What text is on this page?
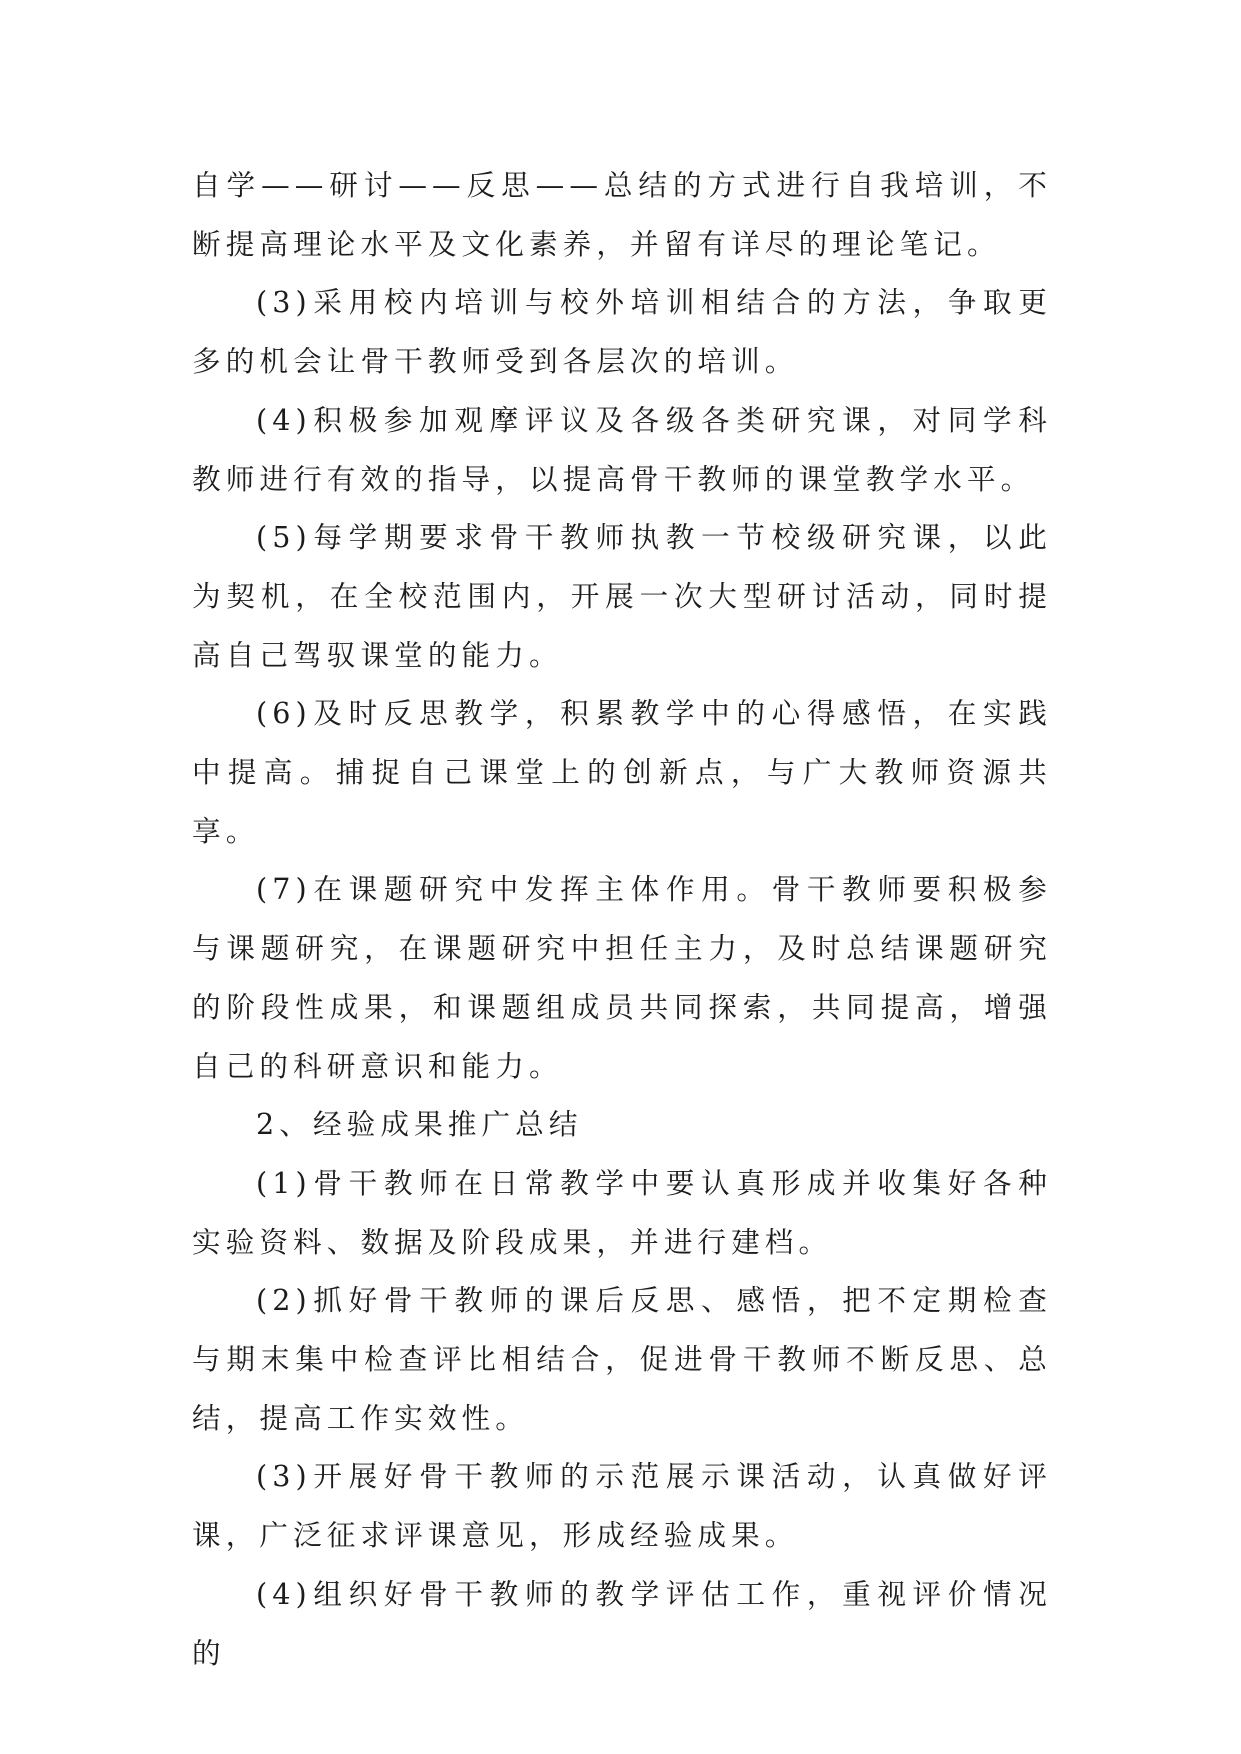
自学——研讨——反思——总结的方式进行自我培训，不断提高理论水平及文化素养，并留有详尽的理论笔记。

(3)采用校内培训与校外培训相结合的方法，争取更多的机会让骨干教师受到各层次的培训。

(4)积极参加观摩评议及各级各类研究课，对同学科教师进行有效的指导，以提高骨干教师的课堂教学水平。

(5)每学期要求骨干教师执教一节校级研究课，以此为契机，在全校范围内，开展一次大型研讨活动，同时提高自己驾驭课堂的能力。

(6)及时反思教学，积累教学中的心得感悟，在实践中提高。捕捉自己课堂上的创新点，与广大教师资源共享。

(7)在课题研究中发挥主体作用。骨干教师要积极参与课题研究，在课题研究中担任主力，及时总结课题研究的阶段性成果，和课题组成员共同探索，共同提高，增强自己的科研意识和能力。

2、经验成果推广总结

(1)骨干教师在日常教学中要认真形成并收集好各种实验资料、数据及阶段成果，并进行建档。

(2)抓好骨干教师的课后反思、感悟，把不定期检查与期末集中检查评比相结合，促进骨干教师不断反思、总结，提高工作实效性。

(3)开展好骨干教师的示范展示课活动，认真做好评课，广泛征求评课意见，形成经验成果。

(4)组织好骨干教师的教学评估工作，重视评价情况的
